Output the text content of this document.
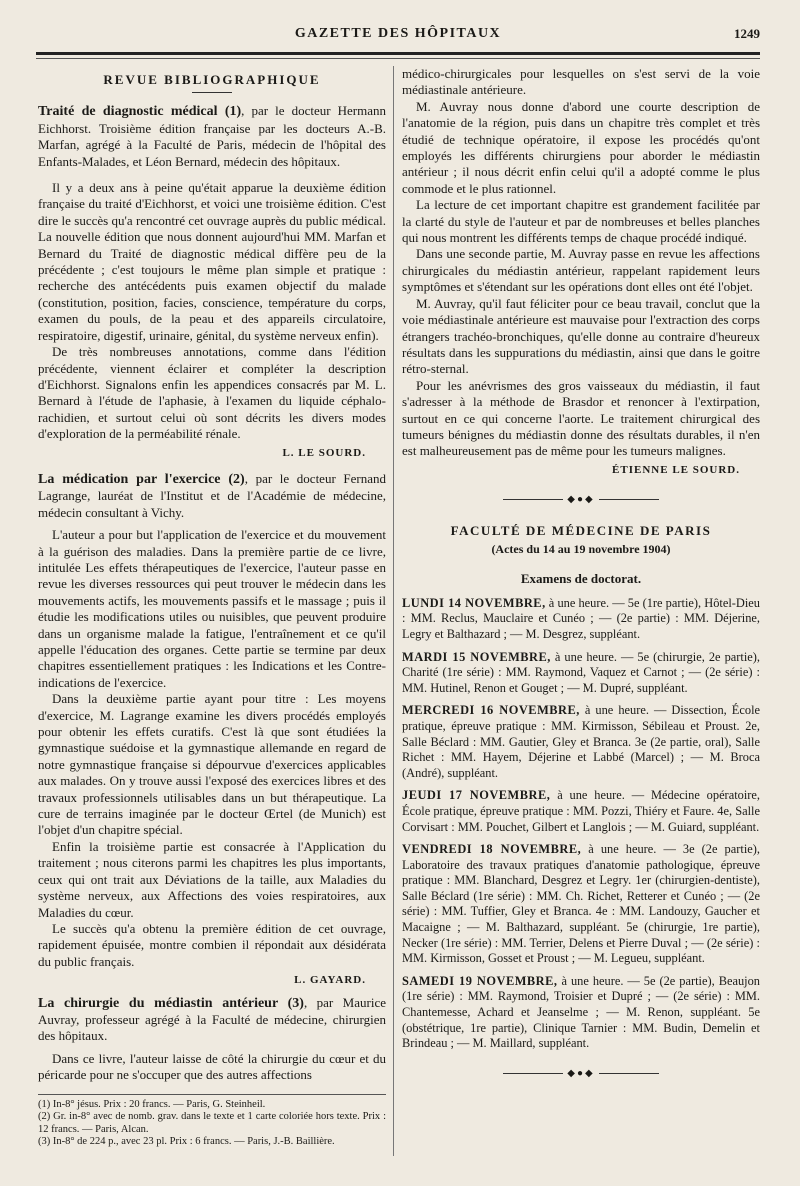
GAZETTE DES HÔPITAUX	1249
REVUE BIBLIOGRAPHIQUE

Traité de diagnostic médical (1), par le docteur Hermann Eichhorst. Troisième édition française par les docteurs A.-B. Marfan, agrégé à la Faculté de Paris, médecin de l'hôpital des Enfants-Malades, et Léon Bernard, médecin des hôpitaux.

Il y a deux ans à peine qu'était apparue la deuxième édition française du traité d'Eichhorst, et voici une troisième édition. C'est dire le succès qu'a rencontré cet ouvrage auprès du public médical. La nouvelle édition que nous donnent aujourd'hui MM. Marfan et Bernard du Traité de diagnostic médical diffère peu de la précédente ; c'est toujours le même plan simple et pratique : recherche des antécédents puis examen objectif du malade (constitution, position, facies, conscience, température du corps, examen du pouls, de la peau et des appareils circulatoire, respiratoire, digestif, urinaire, génital, du système nerveux enfin).

De très nombreuses annotations, comme dans l'édition précédente, viennent éclairer et compléter la description d'Eichhorst. Signalons enfin les appendices consacrés par M. L. Bernard à l'étude de l'aphasie, à l'examen du liquide céphalo-rachidien, et surtout celui où sont décrits les divers modes d'exploration de la perméabilité rénale.

L. LE SOURD.

La médication par l'exercice (2), par le docteur Fernand Lagrange, lauréat de l'Institut et de l'Académie de médecine, médecin consultant à Vichy.

L'auteur a pour but l'application de l'exercice et du mouvement à la guérison des maladies. Dans la première partie de ce livre, intitulée Les effets thérapeutiques de l'exercice, l'auteur passe en revue les diverses ressources qui peut trouver le médecin dans les mouvements actifs, les mouvements passifs et le massage ; puis il étudie les modifications utiles ou nuisibles, que peuvent produire dans un organisme malade la fatigue, l'entraînement et ce qu'il appelle l'éducation des organes. Cette partie se termine par deux chapitres essentiellement pratiques : les Indications et les Contre-indications de l'exercice.

Dans la deuxième partie ayant pour titre : Les moyens d'exercice, M. Lagrange examine les divers procédés employés pour obtenir les effets curatifs. C'est là que sont étudiées la gymnastique suédoise et la gymnastique allemande en regard de notre gymnastique française si dépourvue d'exercices applicables aux malades. On y trouve aussi l'exposé des exercices libres et des travaux professionnels utilisables dans un but thérapeutique. La cure de terrains imaginée par le docteur Œrtel (de Munich) est l'objet d'un chapitre spécial.

Enfin la troisième partie est consacrée à l'Application du traitement ; nous citerons parmi les chapitres les plus importants, ceux qui ont trait aux Déviations de la taille, aux Maladies du système nerveux, aux Affections des voies respiratoires, aux Maladies du cœur.

Le succès qu'a obtenu la première édition de cet ouvrage, rapidement épuisée, montre combien il répondait aux désidérata du public français.

L. GAYARD.

La chirurgie du médiastin antérieur (3), par Maurice Auvray, professeur agrégé à la Faculté de médecine, chirurgien des hôpitaux.

Dans ce livre, l'auteur laisse de côté la chirurgie du cœur et du péricarde pour ne s'occuper que des autres affections

(1) In-8° jésus. Prix : 20 francs. — Paris, G. Steinheil.
(2) Gr. in-8° avec de nomb. grav. dans le texte et 1 carte coloriée hors texte. Prix : 12 francs. — Paris, Alcan.
(3) In-8° de 224 p., avec 23 pl. Prix : 6 francs. — Paris, J.-B. Baillière.

médico-chirurgicales pour lesquelles on s'est servi de la voie médiastinale antérieure.

M. Auvray nous donne d'abord une courte description de l'anatomie de la région, puis dans un chapitre très complet et très étudié de technique opératoire, il expose les procédés qu'ont employés les différents chirurgiens pour aborder le médiastin antérieur ; il nous décrit enfin celui qu'il a adopté comme le plus commode et le plus rationnel.

La lecture de cet important chapitre est grandement facilitée par la clarté du style de l'auteur et par de nombreuses et belles planches qui nous montrent les différents temps de chaque procédé indiqué.

Dans une seconde partie, M. Auvray passe en revue les affections chirurgicales du médiastin antérieur, rappelant rapidement leurs symptômes et s'étendant sur les opérations dont elles ont été l'objet.

M. Auvray, qu'il faut féliciter pour ce beau travail, conclut que la voie médiastinale antérieure est mauvaise pour l'extraction des corps étrangers trachéo-bronchiques, qu'elle donne au contraire d'heureux résultats dans les suppurations du médiastin, ainsi que dans le goitre rétro-sternal.

Pour les anévrismes des gros vaisseaux du médiastin, il faut s'adresser à la méthode de Brasdor et renoncer à l'extirpation, surtout en ce qui concerne l'aorte. Le traitement chirurgical des tumeurs bénignes du médiastin donne des résultats durables, il n'en est malheureusement pas de même pour les tumeurs malignes.

ÉTIENNE LE SOURD.
◆●◆
FACULTÉ DE MÉDECINE DE PARIS
(Actes du 14 au 19 novembre 1904)
Examens de doctorat.
LUNDI 14 NOVEMBRE, à une heure. — 5e (1re partie), Hôtel-Dieu : MM. Reclus, Mauclaire et Cunéo ; — (2e partie) : MM. Déjerine, Legry et Balthazard ; — M. Desgrez, suppléant.
MARDI 15 NOVEMBRE, à une heure. — 5e (chirurgie, 2e partie), Charité (1re série) : MM. Raymond, Vaquez et Carnot ; — (2e série) : MM. Hutinel, Renon et Gouget ; — M. Dupré, suppléant.
MERCREDI 16 NOVEMBRE, à une heure. — Dissection, École pratique, épreuve pratique : MM. Kirmisson, Sébileau et Proust. 2e, Salle Béclard : MM. Gautier, Gley et Branca. 3e (2e partie, oral), Salle Richet : MM. Hayem, Déjerine et Labbé (Marcel) ; — M. Broca (André), suppléant.
JEUDI 17 NOVEMBRE, à une heure. — Médecine opératoire, École pratique, épreuve pratique : MM. Pozzi, Thiéry et Faure. 4e, Salle Corvisart : MM. Pouchet, Gilbert et Langlois ; — M. Guiard, suppléant.
VENDREDI 18 NOVEMBRE, à une heure. — 3e (2e partie), Laboratoire des travaux pratiques d'anatomie pathologique, épreuve pratique : MM. Blanchard, Desgrez et Legry. 1er (chirurgien-dentiste), Salle Béclard (1re série) : MM. Ch. Richet, Retterer et Cunéo ; — (2e série) : MM. Tuffier, Gley et Branca. 4e : MM. Landouzy, Gaucher et Macaigne ; — M. Balthazard, suppléant. 5e (chirurgie, 1re partie), Necker (1re série) : MM. Terrier, Delens et Pierre Duval ; — (2e série) : MM. Kirmisson, Gosset et Proust ; — M. Legueu, suppléant.
SAMEDI 19 NOVEMBRE, à une heure. — 5e (2e partie), Beaujon (1re série) : MM. Raymond, Troisier et Dupré ; — (2e série) : MM. Chantemesse, Achard et Jeanselme ; — M. Renon, suppléant. 5e (obstétrique, 1re partie), Clinique Tarnier : MM. Budin, Demelin et Brindeau ; — M. Maillard, suppléant.
◆●◆
